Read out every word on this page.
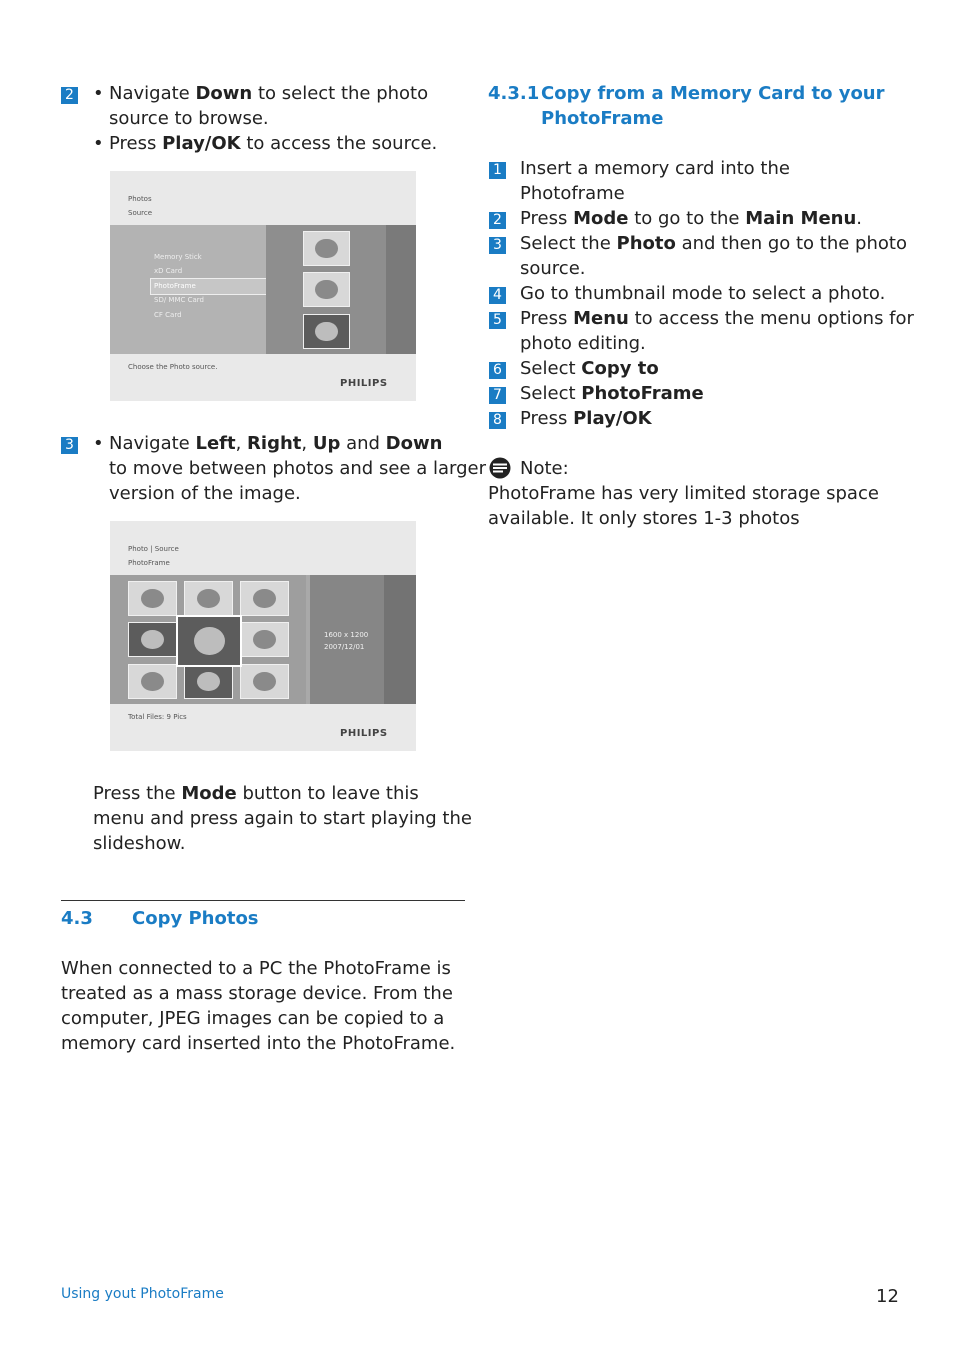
2 • Navigate Down to select the photo
source to browse.
• Press Play/OK to access the source.
Photos
Source
Memory Stick
xD Card
PhotoFrame
SD/ MMC Card
CF Card
Choose the Photo source.
PHILIPS
3 • Navigate Left, Right, Up and Down
to move between photos and see a larger
version of the image.
Photo | Source
PhotoFrame
1600 x 1200
2007/12/01
Total Files: 9 Pics
PHILIPS
Press the Mode button to leave this
menu and press again to start playing the
slideshow.
4.3 Copy Photos
When connected to a PC the PhotoFrame is
treated as a mass storage device. From the
computer, JPEG images can be copied to a
memory card inserted into the PhotoFrame.
4.3.1 Copy from a Memory Card to your
PhotoFrame
1 Insert a memory card into the
Photoframe
2 Press Mode to go to the Main Menu.
3 Select the Photo and then go to the photo
source.
4 Go to thumbnail mode to select a photo.
5 Press Menu to access the menu options for
photo editing.
6 Select Copy to
7 Select PhotoFrame
8 Press Play/OK
Note:
PhotoFrame has very limited storage space
available. It only stores 1-3 photos
Using yout PhotoFrame	12
